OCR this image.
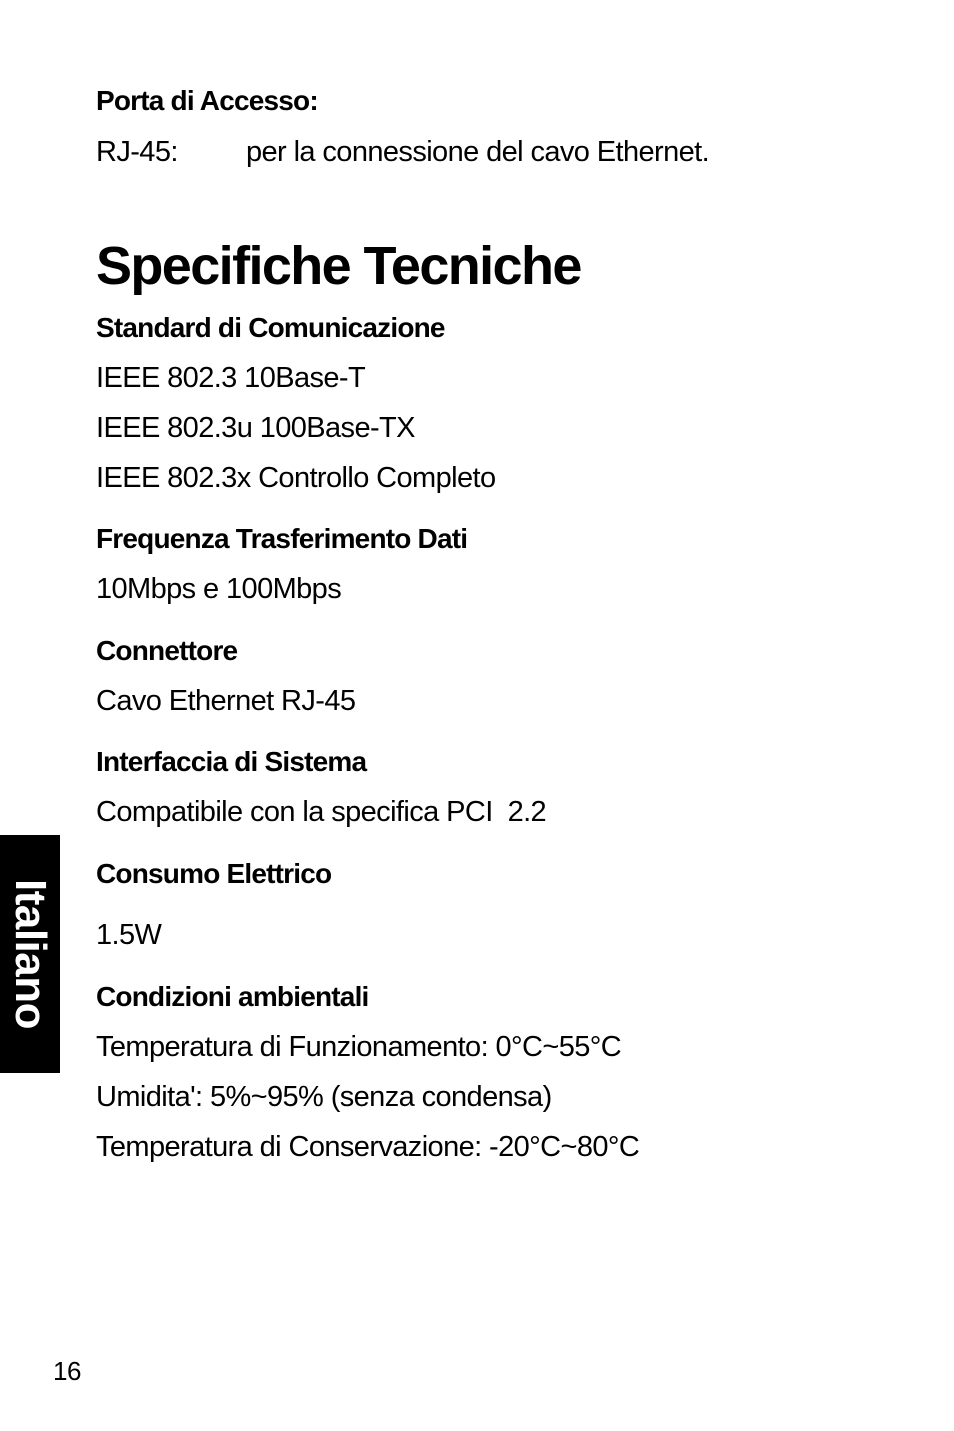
Porta di Accesso:
RJ-45: per la connessione del cavo Ethernet.
Specifiche Tecniche
Standard di Comunicazione
IEEE 802.3 10Base-T
IEEE 802.3u 100Base-TX
IEEE 802.3x Controllo Completo
Frequenza Trasferimento Dati
10Mbps e 100Mbps
Connettore
Cavo Ethernet RJ-45
Interfaccia di Sistema
Compatibile con la specifica PCI  2.2
Consumo Elettrico
1.5W
Condizioni ambientali
Temperatura di Funzionamento: 0°C~55°C
Umidita': 5%~95% (senza condensa)
Temperatura di Conservazione: -20°C~80°C
Italiano
16
